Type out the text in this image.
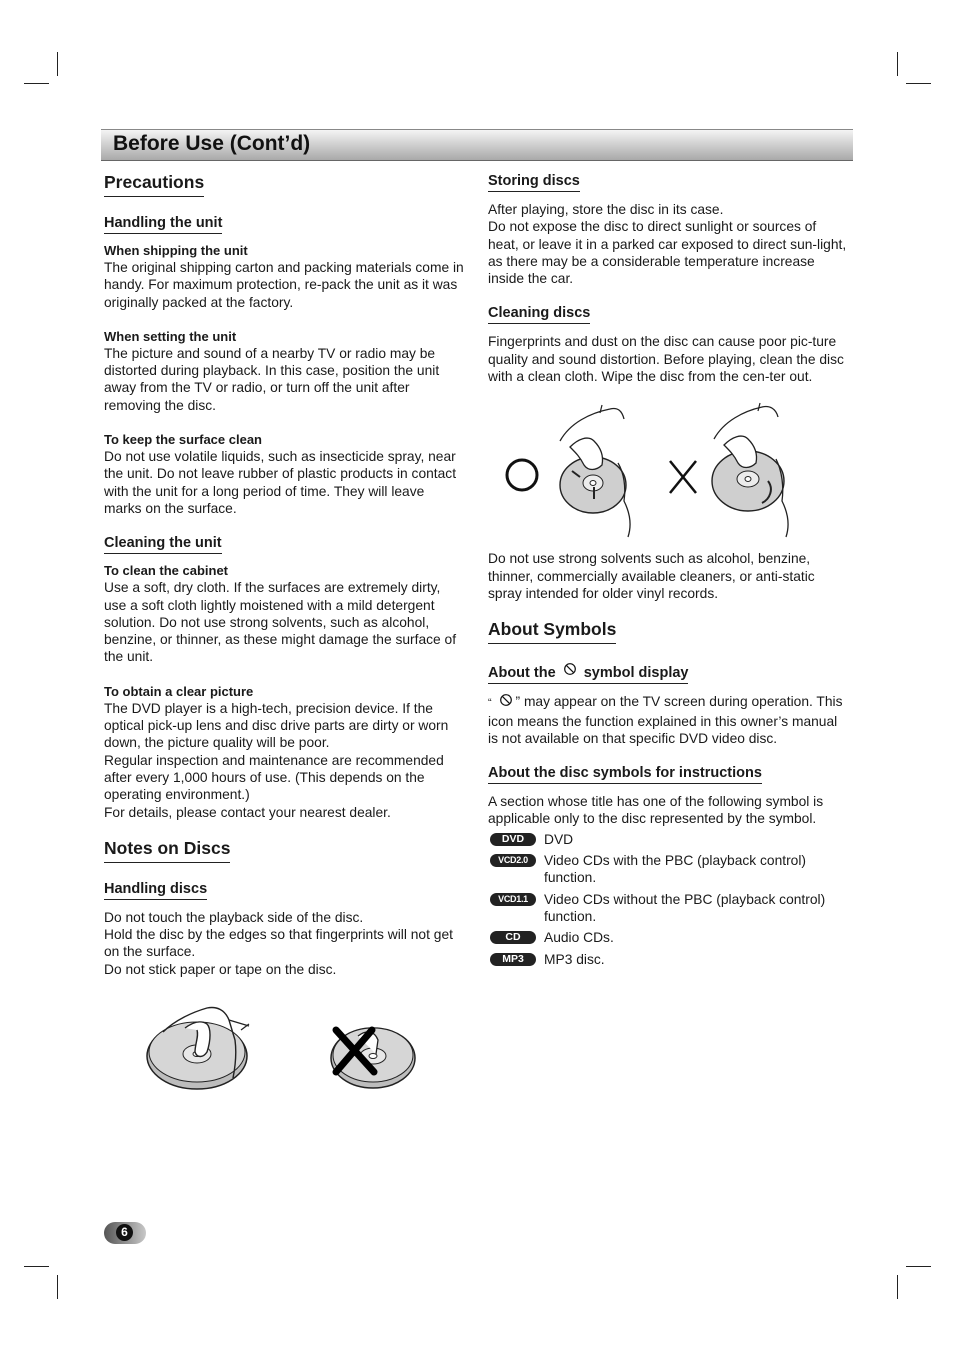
Before Use (Cont’d)
Precautions
Handling the unit
When shipping the unit

The original shipping carton and packing materials come in handy. For maximum protection, re-pack the unit as it was originally packed at the factory.

When setting the unit

The picture and sound of a nearby TV or radio may be distorted during playback. In this case, position the unit away from the TV or radio, or turn off the unit after removing the disc.

To keep the surface clean

Do not use volatile liquids, such as insecticide spray, near the unit. Do not leave rubber of plastic products in contact with the unit for a long period of time. They will leave marks on the surface.

Cleaning the unit
To clean the cabinet

Use a soft, dry cloth. If the surfaces are extremely dirty, use a soft cloth lightly moistened with a mild detergent solution. Do not use strong solvents, such as alcohol, benzine, or thinner, as these might damage the surface of the unit.

To obtain a clear picture

The DVD player is a high-tech, precision device. If the optical pick-up lens and disc drive parts are dirty or worn down, the picture quality will be poor.

Regular inspection and maintenance are recommended after every 1,000 hours of use. (This depends on the operating environment.)

For details, please contact your nearest dealer.

Notes on Discs
Handling discs

Do not touch the playback side of the disc.

Hold the disc by the edges so that fingerprints will not get on the surface.

Do not stick paper or tape on the disc.

Storing discs

After playing, store the disc in its case.

Do not expose the disc to direct sunlight or sources of heat, or leave it in a parked car exposed to direct sun-light, as there may be a considerable temperature increase inside the car.

Cleaning discs

Fingerprints and dust on the disc can cause poor pic-ture quality and sound distortion. Before playing, clean the disc with a clean cloth. Wipe the disc from the cen-ter out.

Do not use strong solvents such as alcohol, benzine, thinner, commercially available cleaners, or anti-static spray intended for older vinyl records.

About Symbols
About the symbol display

“ ” may appear on the TV screen during operation. This icon means the function explained in this owner’s manual is not available on that specific DVD video disc.

About the disc symbols for instructions

A section whose title has one of the following symbol is applicable only to the disc represented by the symbol.

DVD	DVD
VCD2.0	Video CDs with the PBC (playback control) function.
VCD1.1	Video CDs without the PBC (playback control) function.
CD	Audio CDs.
MP3	MP3 disc.
6
